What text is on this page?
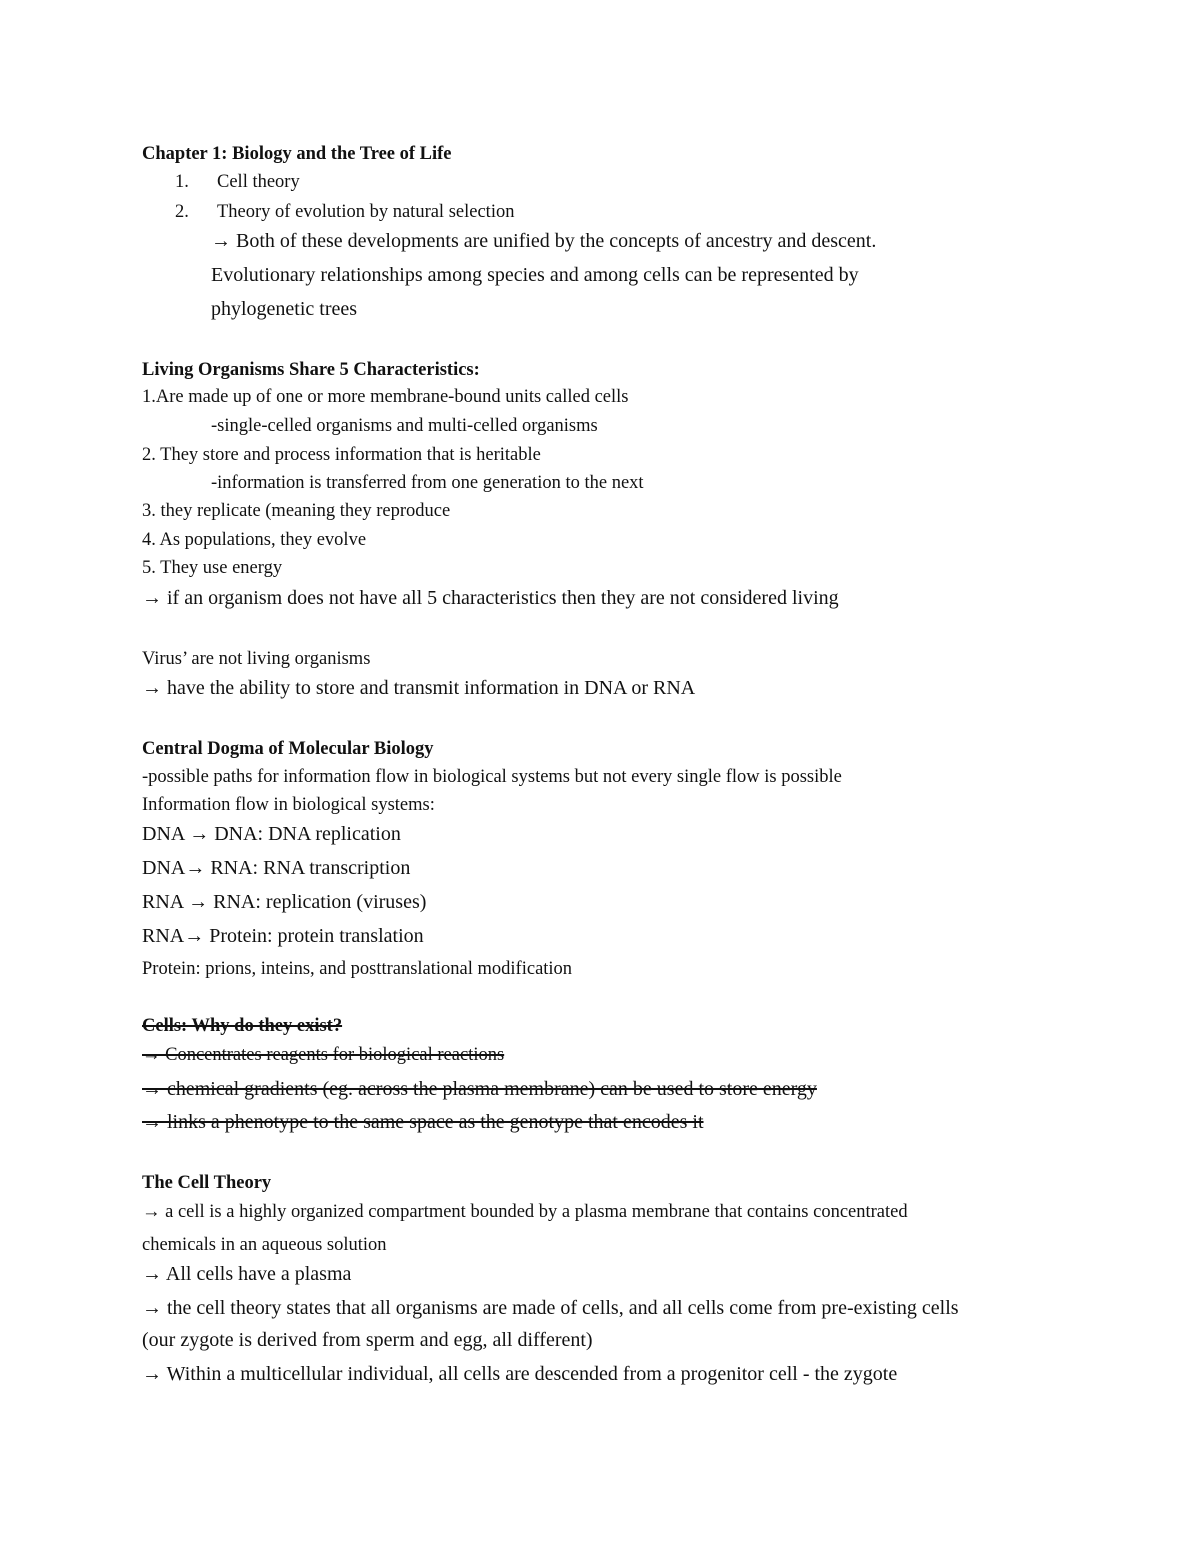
Chapter 1: Biology and the Tree of Life
1. Cell theory
2. Theory of evolution by natural selection
→ Both of these developments are unified by the concepts of ancestry and descent.
Evolutionary relationships among species and among cells can be represented by
phylogenetic trees
Living Organisms Share 5 Characteristics:
1.Are made up of one or more membrane-bound units called cells
-single-celled organisms and multi-celled organisms
2. They store and process information that is heritable
-information is transferred from one generation to the next
3. they replicate (meaning they reproduce
4. As populations, they evolve
5. They use energy
→ if an organism does not have all 5 characteristics then they are not considered living
Virus’ are not living organisms
→ have the ability to store and transmit information in DNA or RNA
Central Dogma of Molecular Biology
-possible paths for information flow in biological systems but not every single flow is possible
Information flow in biological systems:
DNA → DNA: DNA replication
DNA→ RNA: RNA transcription
RNA → RNA: replication (viruses)
RNA→ Protein: protein translation
Protein: prions, inteins, and posttranslational modification
Cells: Why do they exist?
→ Concentrates reagents for biological reactions
→ chemical gradients (eg. across the plasma membrane) can be used to store energy
→ links a phenotype to the same space as the genotype that encodes it
The Cell Theory
→ a cell is a highly organized compartment bounded by a plasma membrane that contains concentrated
chemicals in an aqueous solution
→ All cells have a plasma
→ the cell theory states that all organisms are made of cells, and all cells come from pre-existing cells
(our zygote is derived from sperm and egg, all different)
→ Within a multicellular individual, all cells are descended from a progenitor cell - the zygote
